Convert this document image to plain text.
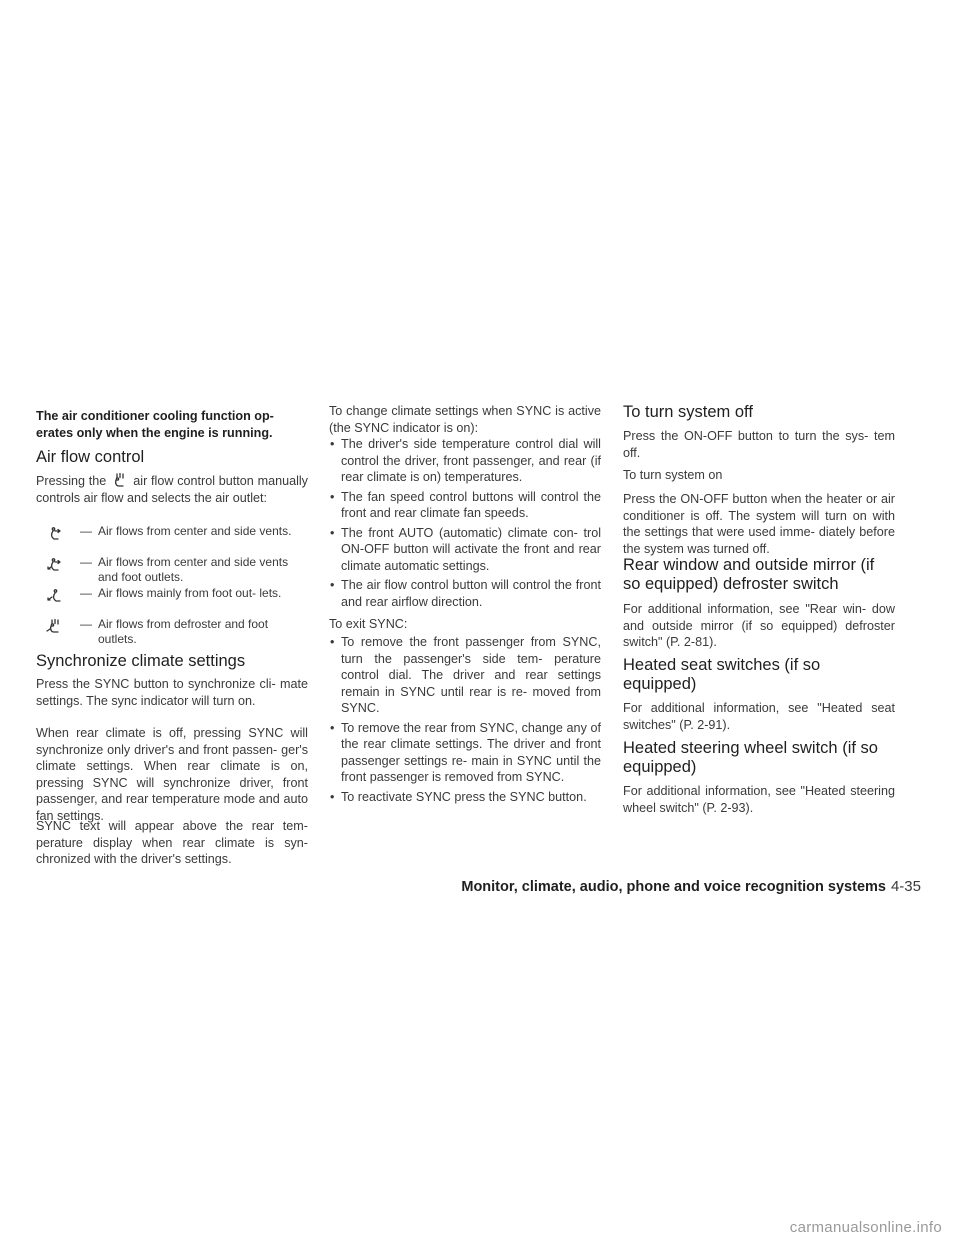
The air conditioner cooling function op- erates only when the engine is running.

Air flow control

Pressing the air flow control button manually controls air flow and selects the air outlet:

— Air flows from center and side vents.
— Air flows from center and side vents and foot outlets.
— Air flows mainly from foot out- lets.
— Air flows from defroster and foot outlets.
Synchronize climate settings

Press the SYNC button to synchronize cli- mate settings. The sync indicator will turn on.

When rear climate is off, pressing SYNC will synchronize only driver's and front passen- ger's climate settings. When rear climate is on, pressing SYNC will synchronize driver, front passenger, and rear temperature mode and auto fan settings.

SYNC text will appear above the rear tem- perature display when rear climate is syn- chronized with the driver's settings.

To change climate settings when SYNC is active (the SYNC indicator is on):

• The driver's side temperature control dial will control the driver, front passenger, and rear (if rear climate is on) temperatures.
• The fan speed control buttons will control the front and rear climate fan speeds.
• The front AUTO (automatic) climate con- trol ON-OFF button will activate the front and rear climate automatic settings.
• The air flow control button will control the front and rear airflow direction.

To exit SYNC:

• To remove the front passenger from SYNC, turn the passenger's side tem- perature control dial. The driver and rear settings remain in SYNC until rear is re- moved from SYNC.
• To remove the rear from SYNC, change any of the rear climate settings. The driver and front passenger settings re- main in SYNC until the front passenger is removed from SYNC.
• To reactivate SYNC press the SYNC button.
To turn system off

Press the ON-OFF button to turn the sys- tem off.

To turn system on

Press the ON-OFF button when the heater or air conditioner is off. The system will turn on with the settings that were used imme- diately before the system was turned off.

Rear window and outside mirror (if so equipped) defroster switch

For additional information, see "Rear win- dow and outside mirror (if so equipped) defroster switch" (P. 2-81).

Heated seat switches (if so equipped)

For additional information, see "Heated seat switches" (P. 2-91).

Heated steering wheel switch (if so equipped)

For additional information, see "Heated steering wheel switch" (P. 2-93).

Monitor, climate, audio, phone and voice recognition systems 4-35
carmanualsonline.info
